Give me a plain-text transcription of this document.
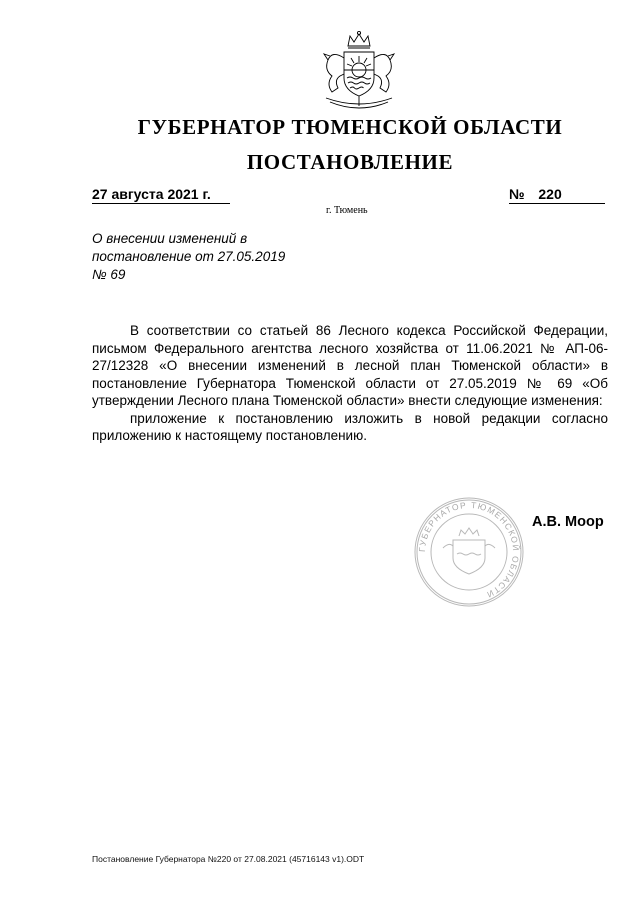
ГУБЕРНАТОР ТЮМЕНСКОЙ ОБЛАСТИ
ПОСТАНОВЛЕНИЕ
27 августа 2021 г.	№ 220
г. Тюмень
О внесении изменений в
постановление от 27.05.2019
№ 69

В соответствии со статьей 86 Лесного кодекса Российской Федерации, письмом Федерального агентства лесного хозяйства от 11.06.2021 № АП-06-27/12328 «О внесении изменений в лесной план Тюменской области» в постановление Губернатора Тюменской области от 27.05.2019 № 69 «Об утверждении Лесного плана Тюменской области» внести следующие изменения:

приложение к постановлению изложить в новой редакции согласно приложению к настоящему постановлению.

ГУБЕРНАТОР ТЮМЕНСКОЙ ОБЛАСТИ
А.В. Моор
Постановление Губернатора №220 от 27.08.2021 (45716143 v1).ODT
